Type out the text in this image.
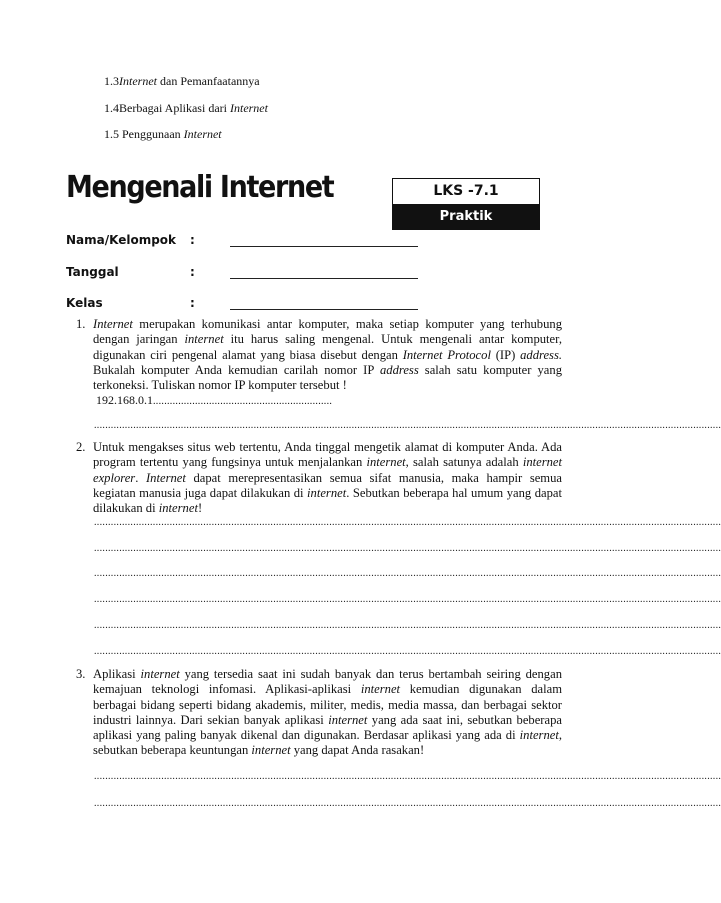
1.3Internet dan Pemanfaatannya
1.4Berbagai Aplikasi dari Internet
1.5 Penggunaan Internet
Mengenali Internet	LKS -7.1
Praktik
Nama/Kelompok :
Tanggal	:
Kelas	:
1. Internet merupakan komunikasi antar komputer, maka setiap komputer yang terhubung dengan jaringan internet itu harus saling mengenal. Untuk mengenali antar komputer, digunakan ciri pengenal alamat yang biasa disebut dengan Internet Protocol (IP) address. Bukalah komputer Anda kemudian carilah nomor IP address salah satu komputer yang terkoneksi. Tuliskan nomor IP komputer tersebut !
192.168.0.1................................................................
................................................................................................................................................................................................................................
2. Untuk mengakses situs web tertentu, Anda tinggal mengetik alamat di komputer Anda. Ada program tertentu yang fungsinya untuk menjalankan internet, salah satunya adalah internet explorer. Internet dapat merepresentasikan semua sifat manusia, maka hampir semua kegiatan manusia juga dapat dilakukan di internet. Sebutkan beberapa hal umum yang dapat dilakukan di internet!
................................................................................................................................................................................................................................
................................................................................................................................................................................................................................
................................................................................................................................................................................................................................
................................................................................................................................................................................................................................
................................................................................................................................................................................................................................
................................................................................................................................................................................................................................
3. Aplikasi internet yang tersedia saat ini sudah banyak dan terus bertambah seiring dengan kemajuan teknologi infomasi. Aplikasi-aplikasi internet kemudian digunakan dalam berbagai bidang seperti bidang akademis, militer, medis, media massa, dan berbagai sektor industri lainnya. Dari sekian banyak aplikasi internet yang ada saat ini, sebutkan beberapa aplikasi yang paling banyak dikenal dan digunakan. Berdasar aplikasi yang ada di internet, sebutkan beberapa keuntungan internet yang dapat Anda rasakan!
................................................................................................................................................................................................................................
................................................................................................................................................................................................................................
